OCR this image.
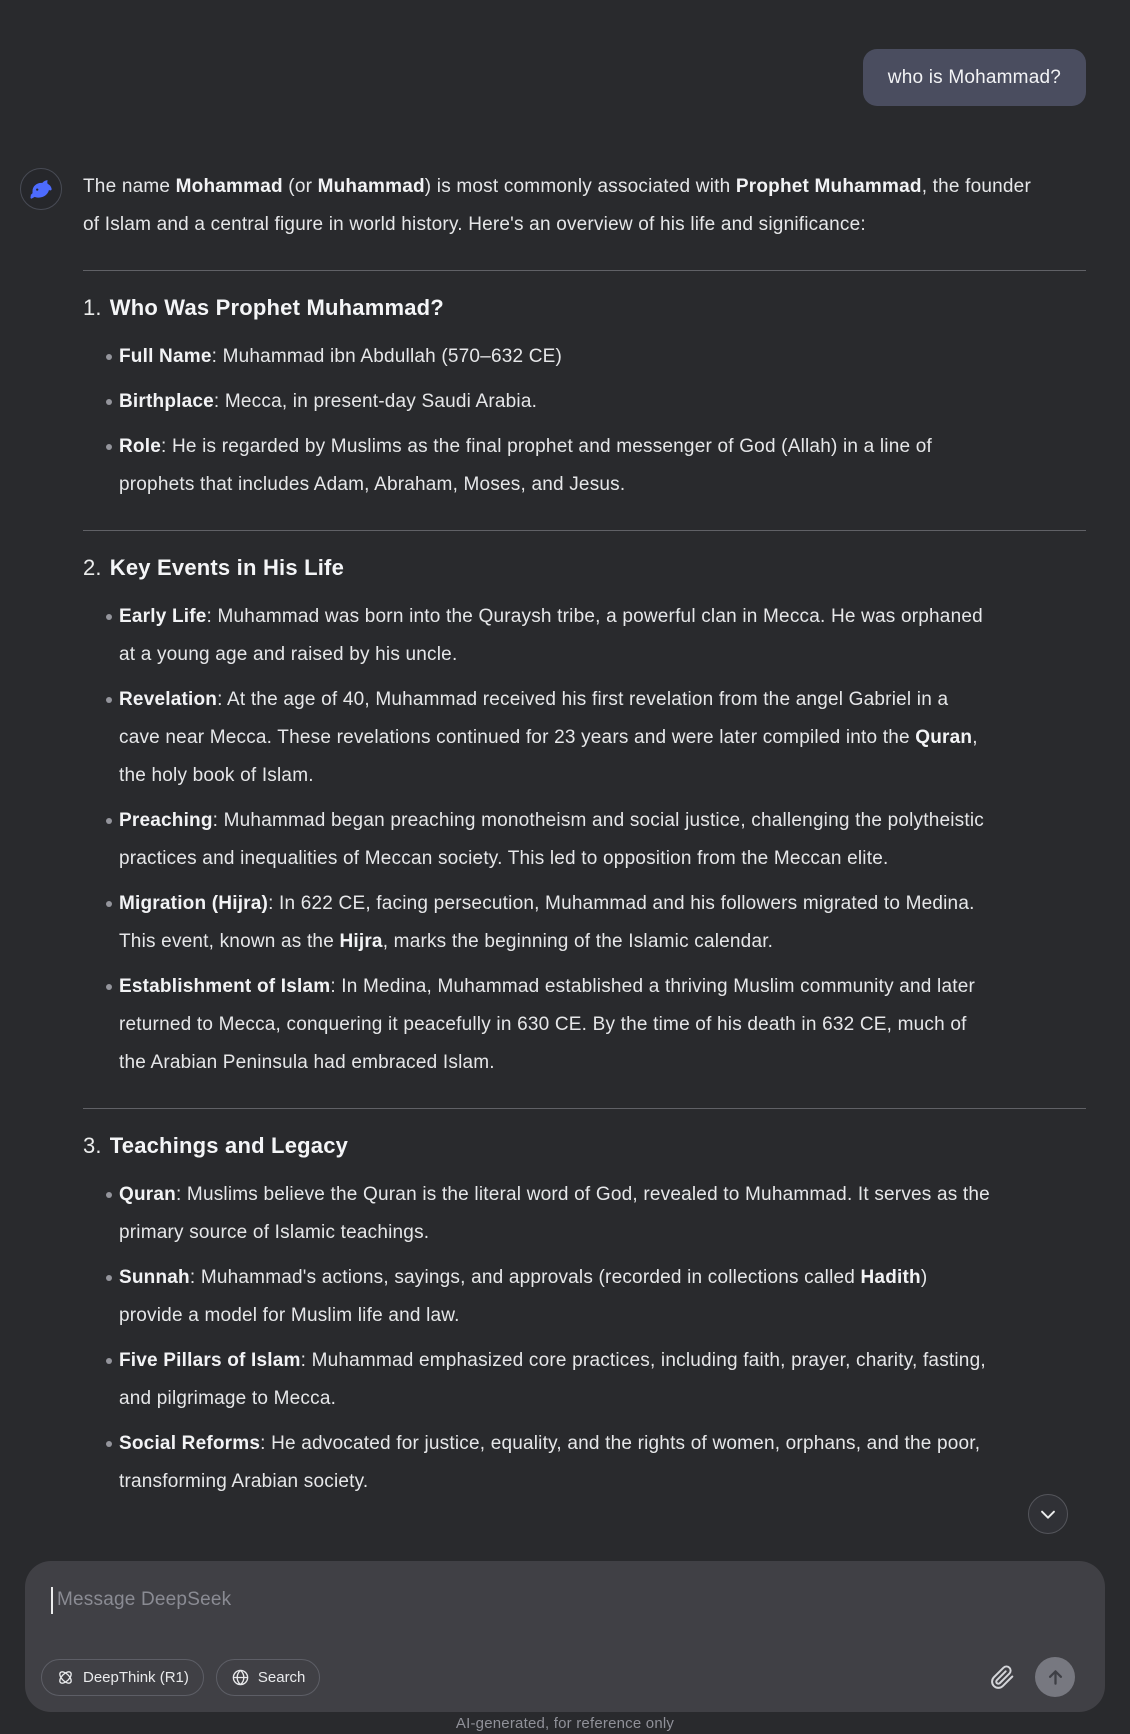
who is Mohammad?

The name Mohammad (or Muhammad) is most commonly associated with Prophet Muhammad, the founder of Islam and a central figure in world history. Here's an overview of his life and significance:

1. Who Was Prophet Muhammad?
Full Name: Muhammad ibn Abdullah (570–632 CE)
Birthplace: Mecca, in present-day Saudi Arabia.
Role: He is regarded by Muslims as the final prophet and messenger of God (Allah) in a line of prophets that includes Adam, Abraham, Moses, and Jesus.
2. Key Events in His Life
Early Life: Muhammad was born into the Quraysh tribe, a powerful clan in Mecca. He was orphaned at a young age and raised by his uncle.
Revelation: At the age of 40, Muhammad received his first revelation from the angel Gabriel in a cave near Mecca. These revelations continued for 23 years and were later compiled into the Quran, the holy book of Islam.
Preaching: Muhammad began preaching monotheism and social justice, challenging the polytheistic practices and inequalities of Meccan society. This led to opposition from the Meccan elite.
Migration (Hijra): In 622 CE, facing persecution, Muhammad and his followers migrated to Medina. This event, known as the Hijra, marks the beginning of the Islamic calendar.
Establishment of Islam: In Medina, Muhammad established a thriving Muslim community and later returned to Mecca, conquering it peacefully in 630 CE. By the time of his death in 632 CE, much of the Arabian Peninsula had embraced Islam.
3. Teachings and Legacy
Quran: Muslims believe the Quran is the literal word of God, revealed to Muhammad. It serves as the primary source of Islamic teachings.
Sunnah: Muhammad's actions, sayings, and approvals (recorded in collections called Hadith) provide a model for Muslim life and law.
Five Pillars of Islam: Muhammad emphasized core practices, including faith, prayer, charity, fasting, and pilgrimage to Mecca.
Social Reforms: He advocated for justice, equality, and the rights of women, orphans, and the poor, transforming Arabian society.
Message DeepSeek
DeepThink (R1)	Search
AI-generated, for reference only
